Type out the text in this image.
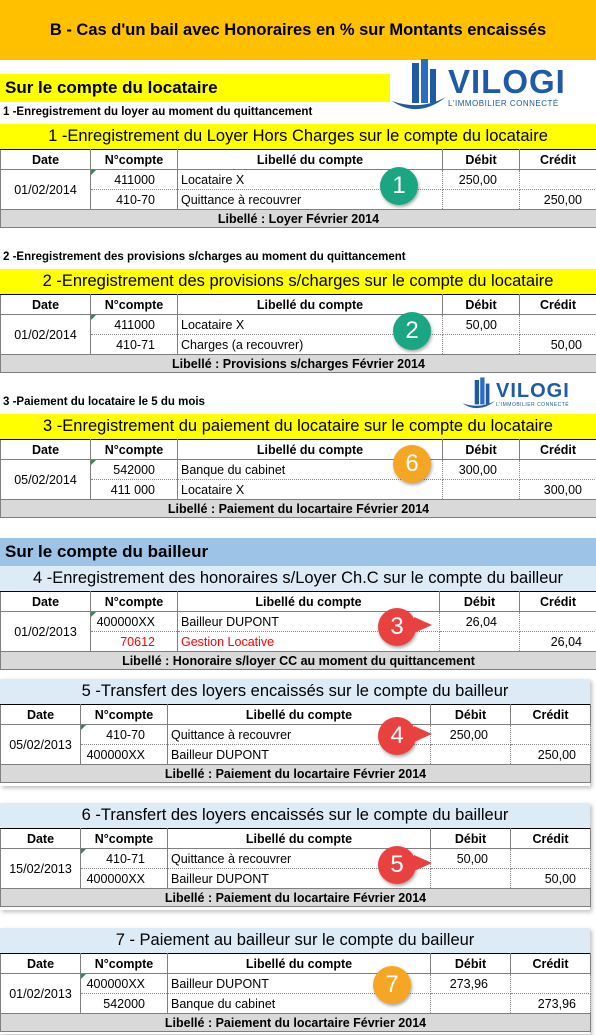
B - Cas d'un bail avec Honoraires en % sur Montants encaissés
Sur le compte du locataire	VILOGI
L'IMMOBILIER CONNECTÉ
1 -Enregistrement du loyer au moment du quittancement
2 -Enregistrement des provisions s/charges au moment du quittancement
3 -Paiement du locataire le 5 du mois
VILOGI
L'IMMOBILIER CONNECTÉ
1 -Enregistrement du Loyer Hors Charges sur le compte du locataire
Date	N°compte	Libellé du compte	Débit	Crédit
01/02/2014	411000	Locataire X	250,00	
	410-70	Quittance à recouvrer		250,00
Libellé : Loyer Février 2014				
1
2 -Enregistrement des provisions s/charges sur le compte du locataire
Date	N°compte	Libellé du compte	Débit	Crédit
01/02/2014	411000	Locataire X	50,00	
	410-71	Charges (a recouvrer)		50,00
Libellé : Provisions s/charges Février 2014				
2
3 -Enregistrement du paiement du locataire sur le compte du locataire
Date	N°compte	Libellé du compte	Débit	Crédit
05/02/2014	542000	Banque du cabinet	300,00	
	411 000	Locataire X		300,00
Libellé : Paiement du locartaire Février 2014				
6
Sur le compte du bailleur
4 -Enregistrement des honoraires s/Loyer Ch.C sur le compte du bailleur
Date	N°compte	Libellé du compte	Débit	Crédit
01/02/2013	400000XX	Bailleur DUPONT	26,04	
	70612	Gestion Locative		26,04
Libellé : Honoraire s/loyer CC au moment du quittancement				
3
5 -Transfert des loyers encaissés sur le compte du bailleur
Date	N°compte	Libellé du compte	Débit	Crédit
05/02/2013	410-70	Quittance à recouvrer	250,00	
	400000XX	Bailleur DUPONT		250,00
Libellé : Paiement du locartaire Février 2014				
4
6 -Transfert des loyers encaissés sur le compte du bailleur
Date	N°compte	Libellé du compte	Débit	Crédit
15/02/2013	410-71	Quittance à recouvrer	50,00	
	400000XX	Bailleur DUPONT		50,00
Libellé : Paiement du locartaire Février 2014				
5
7 - Paiement au bailleur sur le compte du bailleur
Date	N°compte	Libellé du compte	Débit	Crédit
01/02/2013	400000XX	Bailleur DUPONT	273,96	
	542000	Banque du cabinet		273,96
Libellé : Paiement du locartaire Février 2014				
7
